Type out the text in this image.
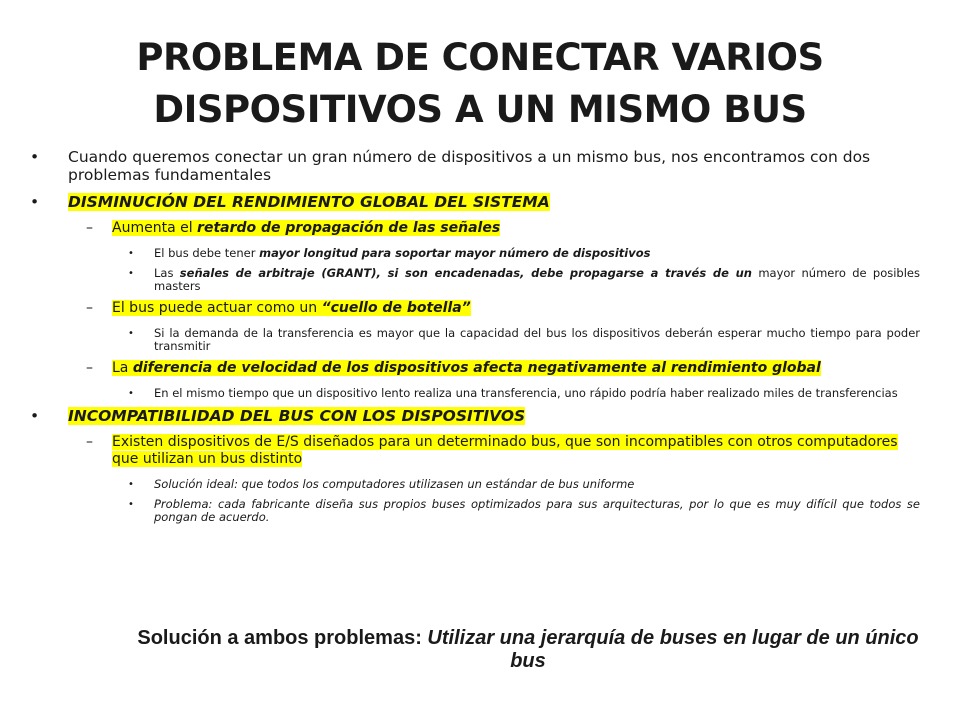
PROBLEMA DE CONECTAR VARIOS DISPOSITIVOS A UN MISMO BUS
• Cuando queremos conectar un gran número de dispositivos a un mismo bus, nos encontramos con dos problemas fundamentales
• DISMINUCIÓN DEL RENDIMIENTO GLOBAL DEL SISTEMA
– Aumenta el retardo de propagación de las señales
• El bus debe tener mayor longitud para soportar mayor número de dispositivos
• Las señales de arbitraje (GRANT), si son encadenadas, debe propagarse a través de un mayor número de posibles masters
– El bus puede actuar como un “cuello de botella”
• Si la demanda de la transferencia es mayor que la capacidad del bus los dispositivos deberán esperar mucho tiempo para poder transmitir
– La diferencia de velocidad de los dispositivos afecta negativamente al rendimiento global
• En el mismo tiempo que un dispositivo lento realiza una transferencia, uno rápido podría haber realizado miles de transferencias
• INCOMPATIBILIDAD DEL BUS CON LOS DISPOSITIVOS
– Existen dispositivos de E/S diseñados para un determinado bus, que son incompatibles con otros computadores que utilizan un bus distinto
• Solución ideal: que todos los computadores utilizasen un estándar de bus uniforme
• Problema: cada fabricante diseña sus propios buses optimizados para sus arquitecturas, por lo que es muy difícil que todos se pongan de acuerdo.
Solución a ambos problemas: Utilizar una jerarquía de buses en lugar de un único bus
